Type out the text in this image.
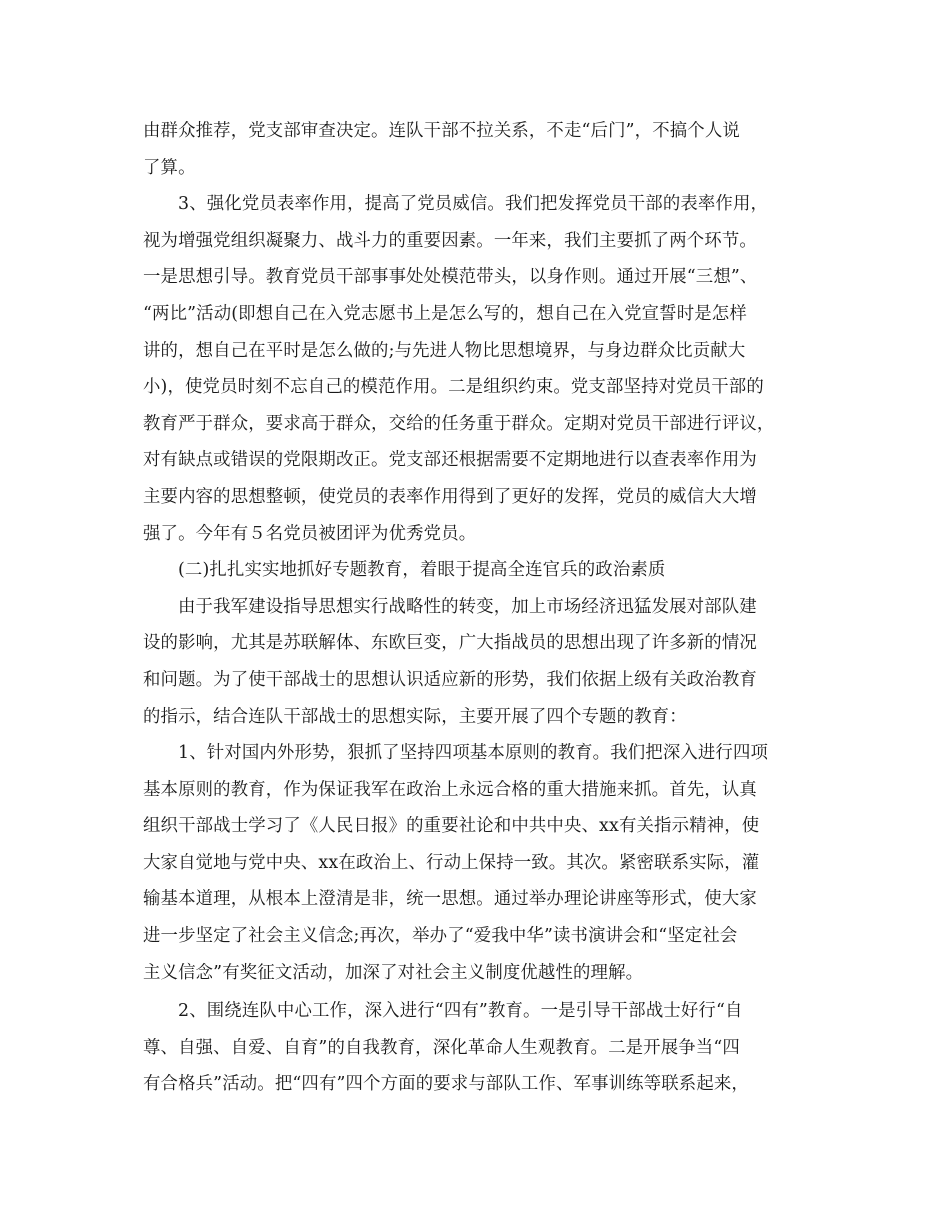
由群众推荐，党支部审查决定。连队干部不拉关系，不走“后门”，不搞个人说
了算。
3、强化党员表率作用，提高了党员威信。我们把发挥党员干部的表率作用，
视为增强党组织凝聚力、战斗力的重要因素。一年来，我们主要抓了两个环节。
一是思想引导。教育党员干部事事处处模范带头，以身作则。通过开展“三想”、
“两比”活动(即想自己在入党志愿书上是怎么写的，想自己在入党宣誓时是怎样
讲的，想自己在平时是怎么做的;与先进人物比思想境界，与身边群众比贡献大
小)，使党员时刻不忘自己的模范作用。二是组织约束。党支部坚持对党员干部的
教育严于群众，要求高于群众，交给的任务重于群众。定期对党员干部进行评议，
对有缺点或错误的党限期改正。党支部还根据需要不定期地进行以查表率作用为
主要内容的思想整顿，使党员的表率作用得到了更好的发挥，党员的威信大大增
强了。今年有５名党员被团评为优秀党员。
(二)扎扎实实地抓好专题教育，着眼于提高全连官兵的政治素质
由于我军建设指导思想实行战略性的转变，加上市场经济迅猛发展对部队建
设的影响，尤其是苏联解体、东欧巨变，广大指战员的思想出现了许多新的情况
和问题。为了使干部战士的思想认识适应新的形势，我们依据上级有关政治教育
的指示，结合连队干部战士的思想实际，主要开展了四个专题的教育：
1、针对国内外形势，狠抓了坚持四项基本原则的教育。我们把深入进行四项
基本原则的教育，作为保证我军在政治上永远合格的重大措施来抓。首先，认真
组织干部战士学习了《人民日报》的重要社论和中共中央、xx有关指示精神，使
大家自觉地与党中央、xx在政治上、行动上保持一致。其次。紧密联系实际，灌
输基本道理，从根本上澄清是非，统一思想。通过举办理论讲座等形式，使大家
进一步坚定了社会主义信念;再次，举办了“爱我中华”读书演讲会和“坚定社会
主义信念”有奖征文活动，加深了对社会主义制度优越性的理解。
2、围绕连队中心工作，深入进行“四有”教育。一是引导干部战士好行“自
尊、自强、自爱、自育”的自我教育，深化革命人生观教育。二是开展争当“四
有合格兵”活动。把“四有”四个方面的要求与部队工作、军事训练等联系起来，
